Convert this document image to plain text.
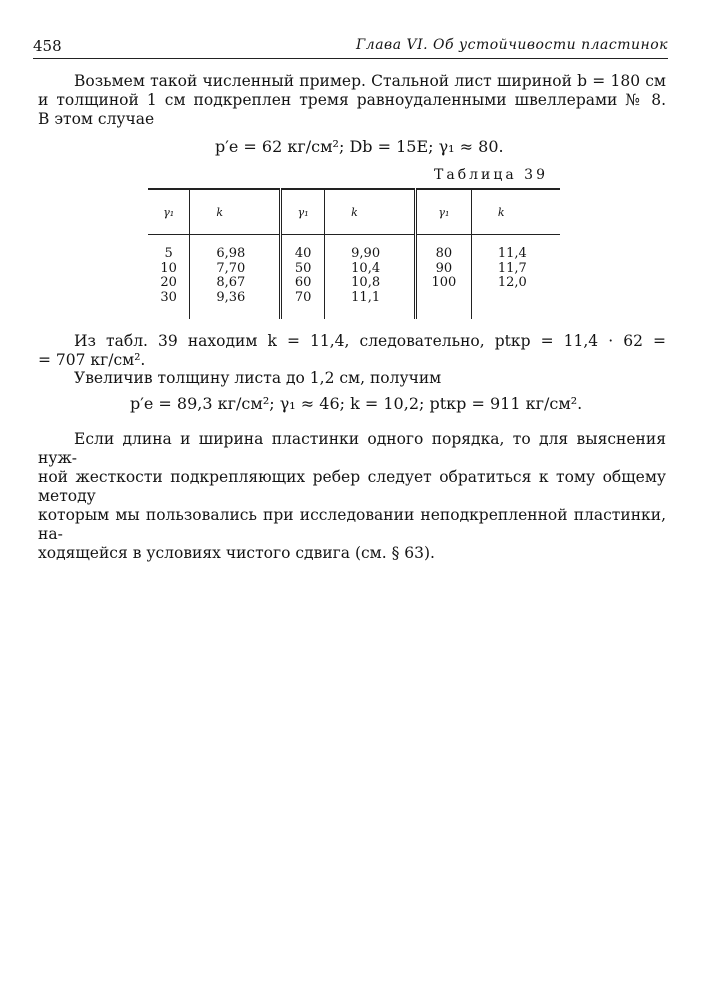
458	Глава VI. Об устойчивости пластинок
Возьмем такой численный пример. Стальной лист шириной b = 180 см
и толщиной 1 см подкреплен тремя равноудаленными швеллерами № 8.
В этом случае
p′e = 62 кг/см²; Db = 15E; γ₁ ≈ 80.
Таблица 39
γ₁	k	γ₁	k	γ₁	k

5	6,98	40	9,90	80	11,4
10	7,70	50	10,4	90	11,7
20	8,67	60	10,8	100	12,0
30	9,36	70	11,1		
Из табл. 39 находим k = 11,4, следовательно, ptкр = 11,4 · 62 =
= 707 кг/см².
Увеличив толщину листа до 1,2 см, получим
p′e = 89,3 кг/см²; γ₁ ≈ 46; k = 10,2; ptкр = 911 кг/см².
Если длина и ширина пластинки одного порядка, то для выяснения нуж-
ной жесткости подкрепляющих ребер следует обратиться к тому общему методу
которым мы пользовались при исследовании неподкрепленной пластинки, на-
ходящейся в условиях чистого сдвига (см. § 63).
